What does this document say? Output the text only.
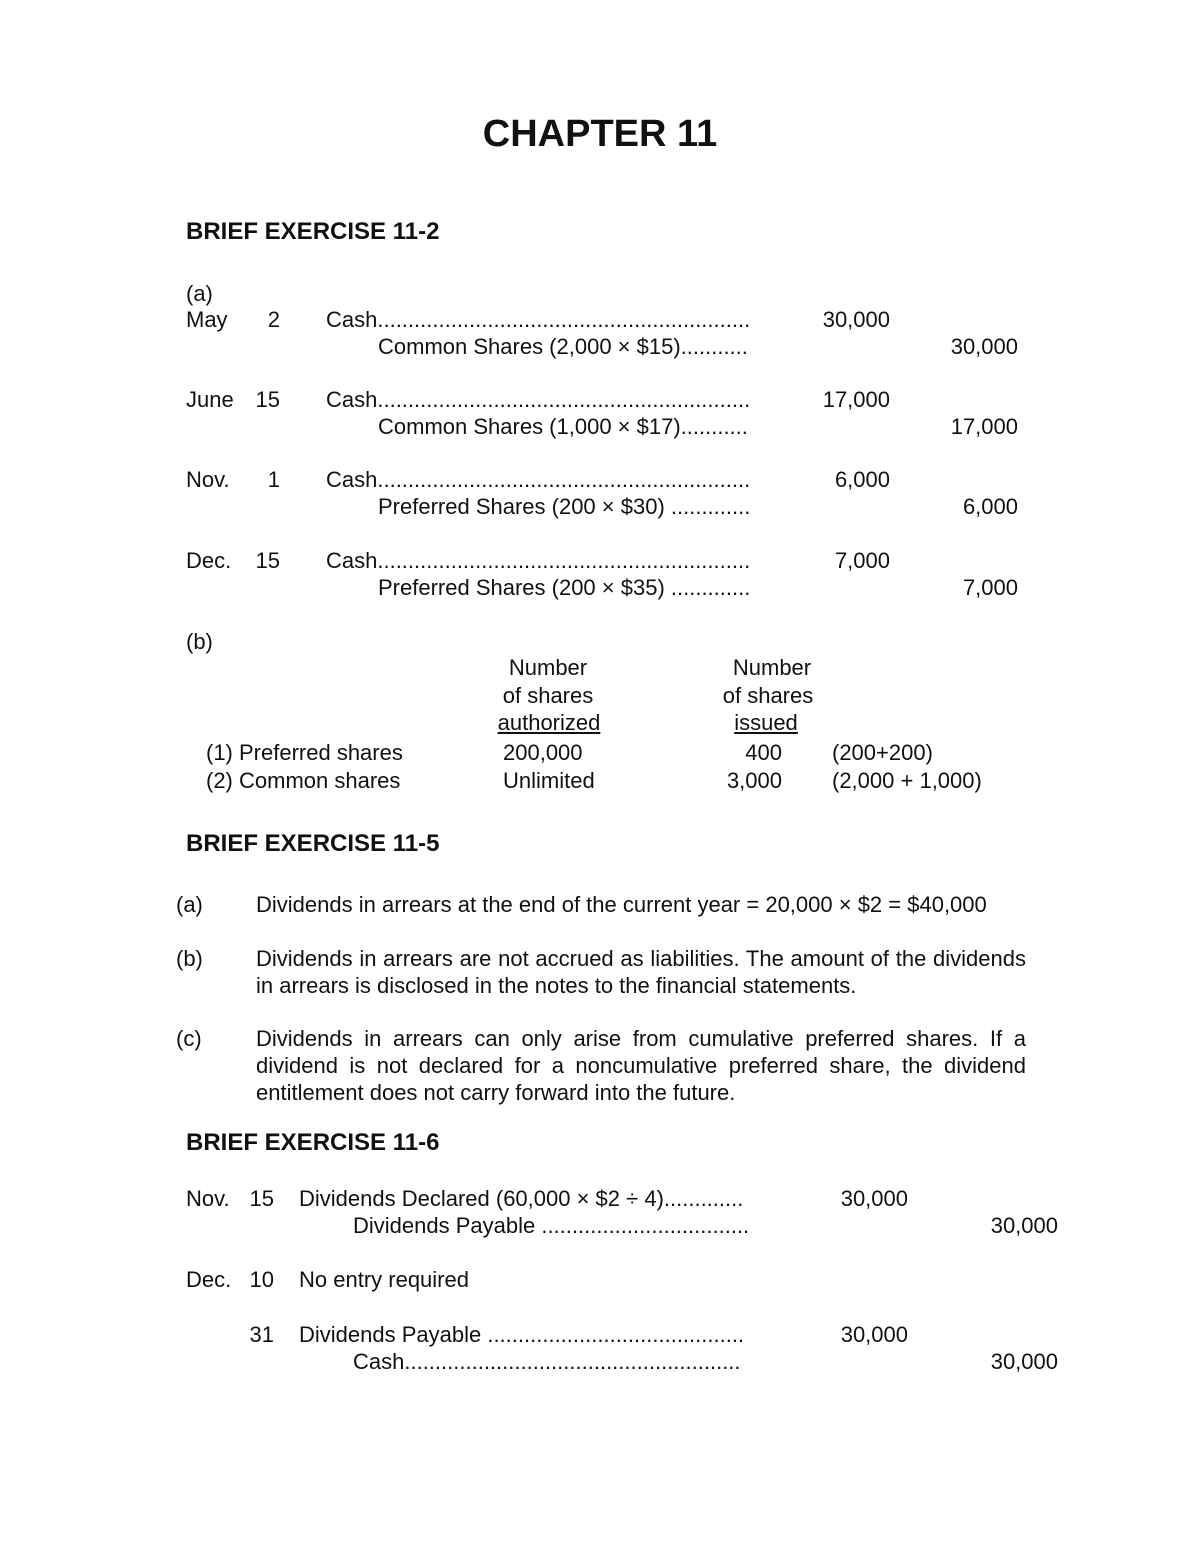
CHAPTER 11
BRIEF EXERCISE 11-2
(a)
May	2 Cash.............................................................	30,000
Common Shares (2,000 × $15)...........	30,000
June 15 Cash.............................................................	17,000
Common Shares (1,000 × $17)...........	17,000
Nov.	1 Cash.............................................................	6,000
Preferred Shares (200 × $30) .............	6,000
Dec.	15 Cash.............................................................	7,000
Preferred Shares (200 × $35) .............	7,000
(b)
Number
of shares
authorized
Number
of shares
issued
(1) Preferred shares	200,000	400 (200+200)
(2) Common shares	Unlimited	3,000 (2,000 + 1,000)
BRIEF EXERCISE 11-5
(a) Dividends in arrears at the end of the current year = 20,000 × $2 = $40,000
(b) Dividends in arrears are not accrued as liabilities. The amount of the dividends in arrears is disclosed in the notes to the financial statements.
(c) Dividends in arrears can only arise from cumulative preferred shares. If a dividend is not declared for a noncumulative preferred share, the dividend entitlement does not carry forward into the future.
BRIEF EXERCISE 11-6
Nov. 15 Dividends Declared (60,000 × $2 ÷ 4).............	30,000
Dividends Payable ..................................	30,000
Dec. 10 No entry required
31 Dividends Payable ..........................................	30,000
Cash.......................................................	30,000
